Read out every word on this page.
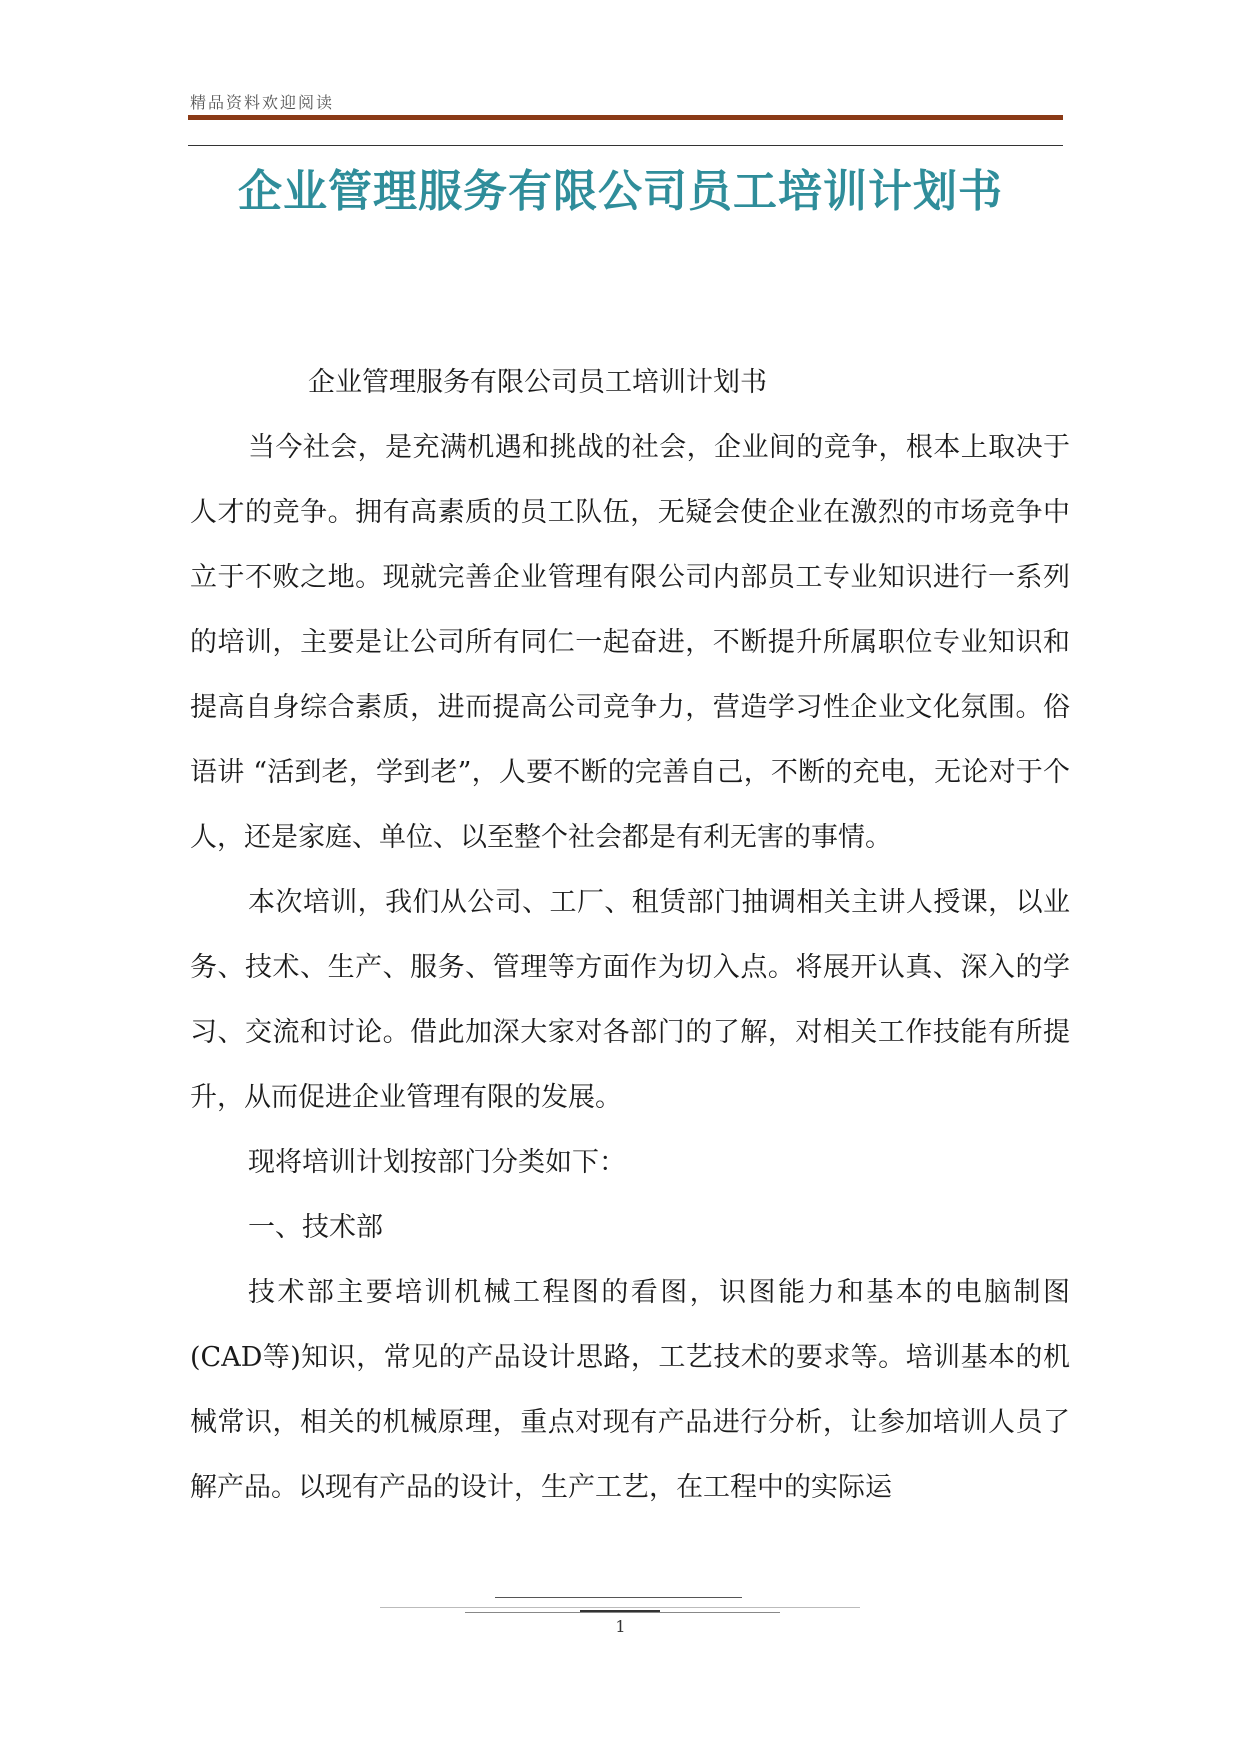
精品资料欢迎阅读
企业管理服务有限公司员工培训计划书

企业管理服务有限公司员工培训计划书

当今社会，是充满机遇和挑战的社会，企业间的竞争，根本上取决于人才的竞争。拥有高素质的员工队伍，无疑会使企业在激烈的市场竞争中立于不败之地。现就完善企业管理有限公司内部员工专业知识进行一系列的培训，主要是让公司所有同仁一起奋进，不断提升所属职位专业知识和提高自身综合素质，进而提高公司竞争力，营造学习性企业文化氛围。俗语讲 “活到老，学到老”，人要不断的完善自己，不断的充电，无论对于个人，还是家庭、单位、以至整个社会都是有利无害的事情。

本次培训，我们从公司、工厂、租赁部门抽调相关主讲人授课，以业务、技术、生产、服务、管理等方面作为切入点。将展开认真、深入的学习、交流和讨论。借此加深大家对各部门的了解，对相关工作技能有所提升，从而促进企业管理有限的发展。

现将培训计划按部门分类如下：

一、技术部

技术部主要培训机械工程图的看图，识图能力和基本的电脑制图(CAD等)知识，常见的产品设计思路，工艺技术的要求等。培训基本的机械常识，相关的机械原理，重点对现有产品进行分析，让参加培训人员了解产品。以现有产品的设计，生产工艺，在工程中的实际运

1
